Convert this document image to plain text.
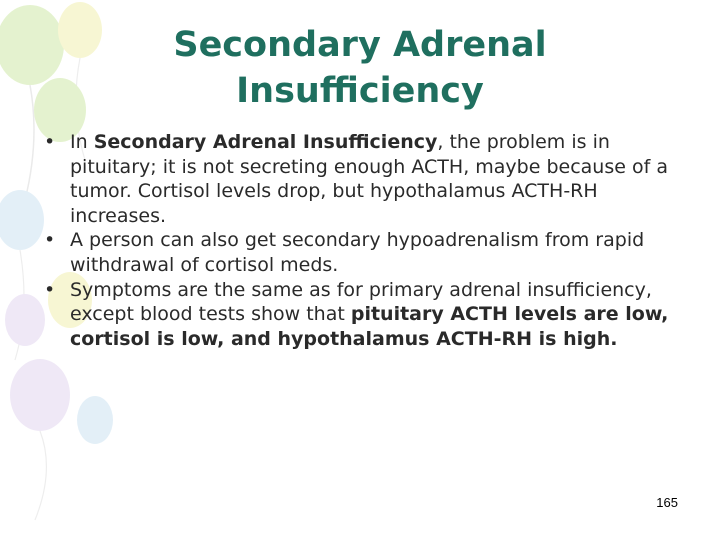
Secondary Adrenal
Insufficiency
• In Secondary Adrenal Insufficiency, the problem is in pituitary; it is not secreting enough ACTH, maybe because of a tumor. Cortisol levels drop, but hypothalamus ACTH-RH increases.
• A person can also get secondary hypoadrenalism from rapid withdrawal of cortisol meds.
• Symptoms are the same as for primary adrenal insufficiency, except blood tests show that pituitary ACTH levels are low, cortisol is low, and hypothalamus ACTH-RH is high.
165
